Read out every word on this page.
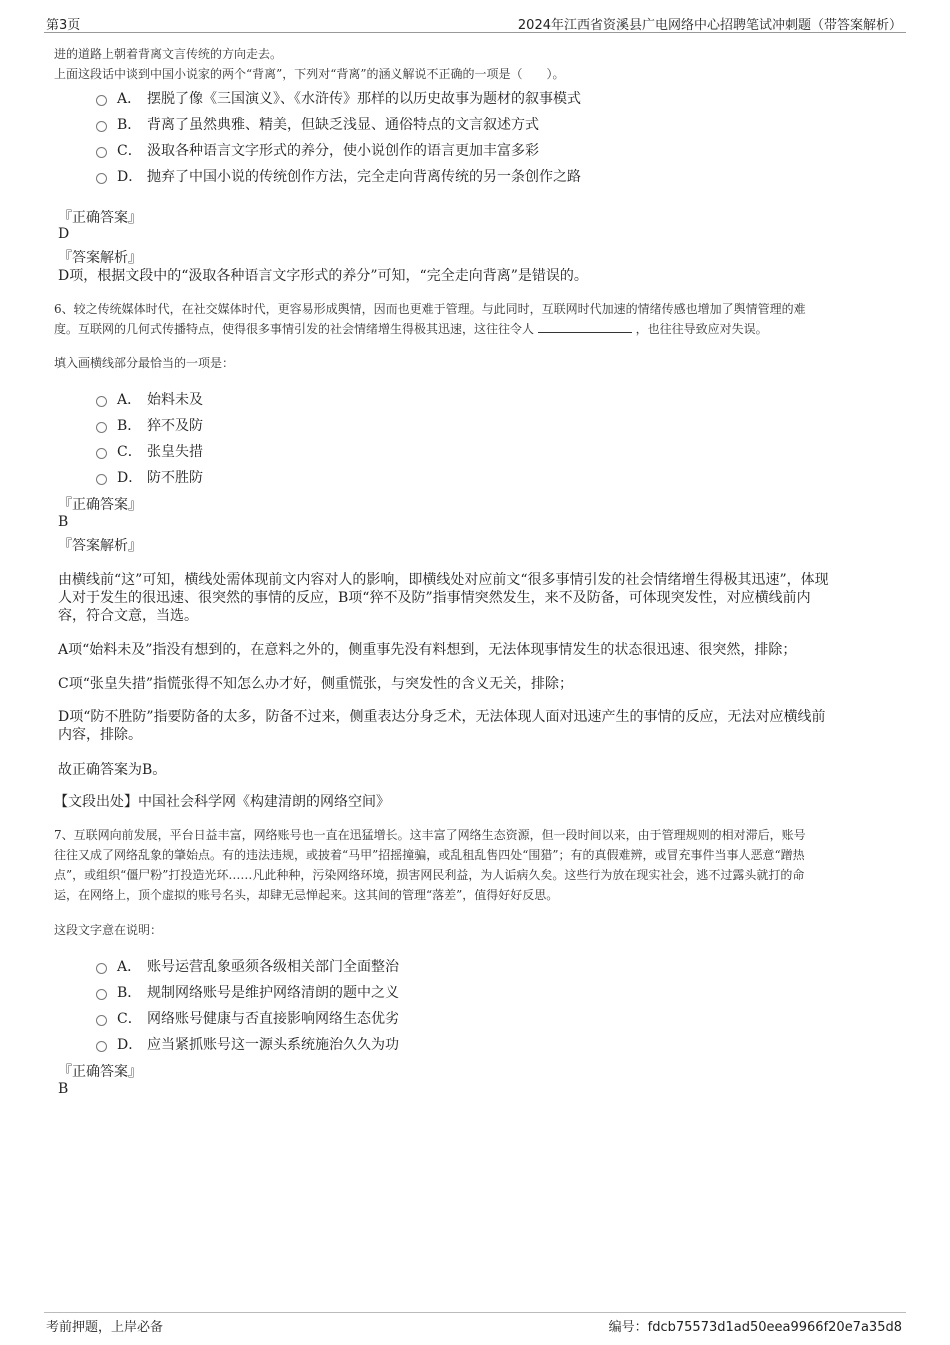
第3页	2024年江西省资溪县广电网络中心招聘笔试冲刺题（带答案解析）
进的道路上朝着背离文言传统的方向走去。
上面这段话中谈到中国小说家的两个“背离”，下列对“背离”的涵义解说不正确的一项是（　　）。
A． 摆脱了像《三国演义》、《水浒传》那样的以历史故事为题材的叙事模式
B． 背离了虽然典雅、精美，但缺乏浅显、通俗特点的文言叙述方式
C． 汲取各种语言文字形式的养分，使小说创作的语言更加丰富多彩
D． 抛弃了中国小说的传统创作方法，完全走向背离传统的另一条创作之路
『正确答案』
D
『答案解析』
D项，根据文段中的“汲取各种语言文字形式的养分”可知，“完全走向背离”是错误的。
6、较之传统媒体时代，在社交媒体时代，更容易形成舆情，因而也更难于管理。与此同时，互联网时代加速的情绪传感也增加了舆情管理的难
度。互联网的几何式传播特点，使得很多事情引发的社会情绪增生得极其迅速，这往往令人	，也往往导致应对失误。
填入画横线部分最恰当的一项是：
A． 始料未及
B． 猝不及防
C． 张皇失措
D． 防不胜防
『正确答案』
B
『答案解析』
由横线前“这”可知，横线处需体现前文内容对人的影响，即横线处对应前文“很多事情引发的社会情绪增生得极其迅速”，体现
人对于发生的很迅速、很突然的事情的反应，B项“猝不及防”指事情突然发生，来不及防备，可体现突发性，对应横线前内
容，符合文意，当选。
A项“始料未及”指没有想到的，在意料之外的，侧重事先没有料想到，无法体现事情发生的状态很迅速、很突然，排除；
C项“张皇失措”指慌张得不知怎么办才好，侧重慌张，与突发性的含义无关，排除；
D项“防不胜防”指要防备的太多，防备不过来，侧重表达分身乏术，无法体现人面对迅速产生的事情的反应，无法对应横线前
内容，排除。
故正确答案为B。
【文段出处】中国社会科学网《构建清朗的网络空间》
7、互联网向前发展，平台日益丰富，网络账号也一直在迅猛增长。这丰富了网络生态资源，但一段时间以来，由于管理规则的相对滞后，账号
往往又成了网络乱象的肇始点。有的违法违规，或披着“马甲”招摇撞骗，或乱租乱售四处“围猎”；有的真假难辨，或冒充事件当事人恶意“蹭热
点”，或组织“僵尸粉”打投造光环……凡此种种，污染网络环境，损害网民利益，为人诟病久矣。这些行为放在现实社会，逃不过露头就打的命
运，在网络上，顶个虚拟的账号名头，却肆无忌惮起来。这其间的管理“落差”，值得好好反思。
这段文字意在说明：
A． 账号运营乱象亟须各级相关部门全面整治
B． 规制网络账号是维护网络清朗的题中之义
C． 网络账号健康与否直接影响网络生态优劣
D． 应当紧抓账号这一源头系统施治久久为功
『正确答案』
B
考前押题，上岸必备	编号：fdcb75573d1ad50eea9966f20e7a35d8
